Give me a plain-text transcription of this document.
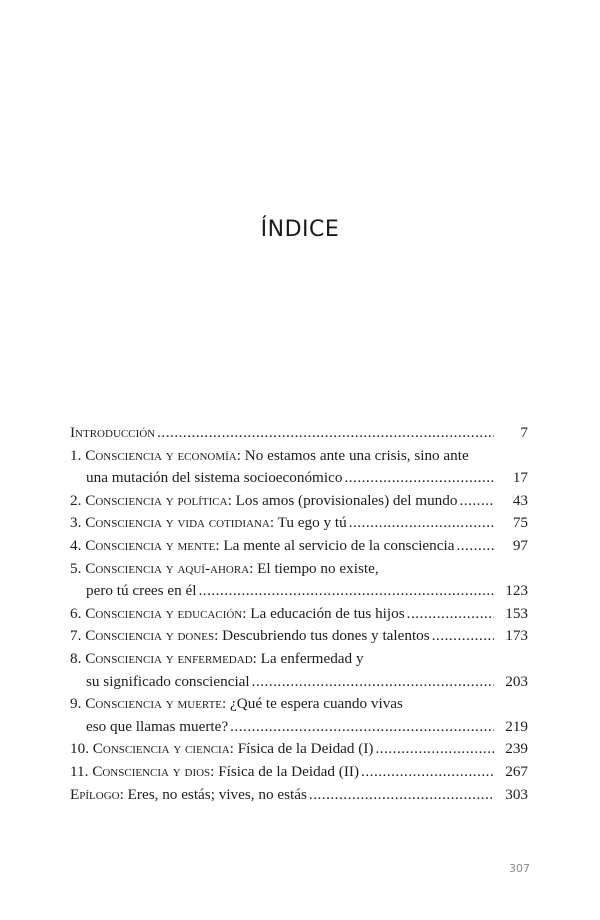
ÍNDICE
Introducción .....	7
1.
Consciencia y economía : No estamos ante una crisis, sino ante
una mutación del sistema socioeconómico .....	17
2.
Consciencia y política : Los amos (provisionales) del mundo .....	43
3.
Consciencia y vida cotidiana : Tu ego y tú .....	75
4.
Consciencia y mente : La mente al servicio de la consciencia .....	97
5.
Consciencia y aquí-ahora : El tiempo no existe,
pero tú crees en él .....	123
6.
Consciencia y educación : La educación de tus hijos .....	153
7.
Consciencia y dones : Descubriendo tus dones y talentos .....	173
8.
Consciencia y enfermedad : La enfermedad y
su significado consciencial .....	203
9.
Consciencia y muerte : ¿Qué te espera cuando vivas
eso que llamas muerte? .....	219
10.
Consciencia y ciencia : Física de la Deidad (I) .....	239
11.
Consciencia y dios : Física de la Deidad (II) .....	267
Epílogo : Eres, no estás; vives, no estás .....	303
307
